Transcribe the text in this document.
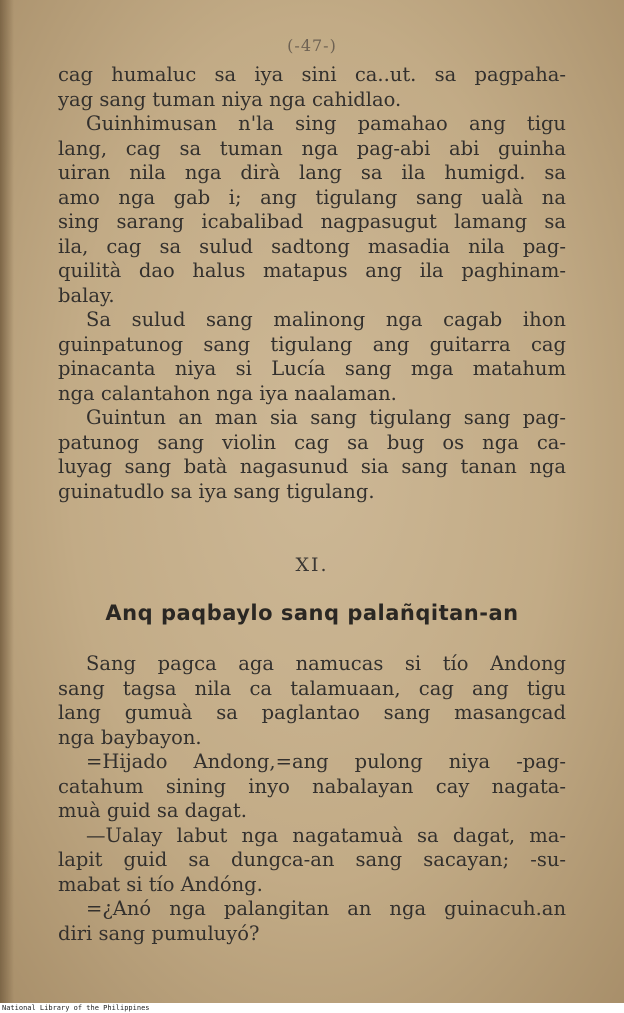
(-47-)

cag humaluc sa iya sini ca..ut. sa pagpaha-

yag sang tuman niya nga cahidlao.

Guinhimusan n'la sing pamahao ang tigu

lang, cag sa tuman nga pag-abi abi guinha

uiran nila nga dirà lang sa ila humigd. sa

amo nga gab i; ang tigulang sang ualà na

sing sarang icabalibad nagpasugut lamang sa

ila, cag sa sulud sadtong masadia nila pag-

quilità dao halus matapus ang ila paghinam-

balay.

Sa sulud sang malinong nga cagab ihon

guinpatunog sang tigulang ang guitarra cag

pinacanta niya si Lucía sang mga matahum

nga calantahon nga iya naalaman.

Guintun an man sia sang tigulang sang pag-

patunog sang violin cag sa bug os nga ca-

luyag sang batà nagasunud sia sang tanan nga

guinatudlo sa iya sang tigulang.

XI.
Anq paqbaylo sanq palañqitan-an

Sang pagca aga namucas si tío Andong

sang tagsa nila ca talamuaan, cag ang tigu

lang gumuà sa paglantao sang masangcad

nga baybayon.

=Hijado Andong,=ang pulong niya -pag-

catahum sining inyo nabalayan cay nagata-

muà guid sa dagat.

—Ualay labut nga nagatamuà sa dagat, ma-

lapit guid sa dungca-an sang sacayan; -su-

mabat si tío Andóng.

=¿Anó nga palangitan an nga guinacuh.an

diri sang pumuluyó?

National Library of the Philippines
